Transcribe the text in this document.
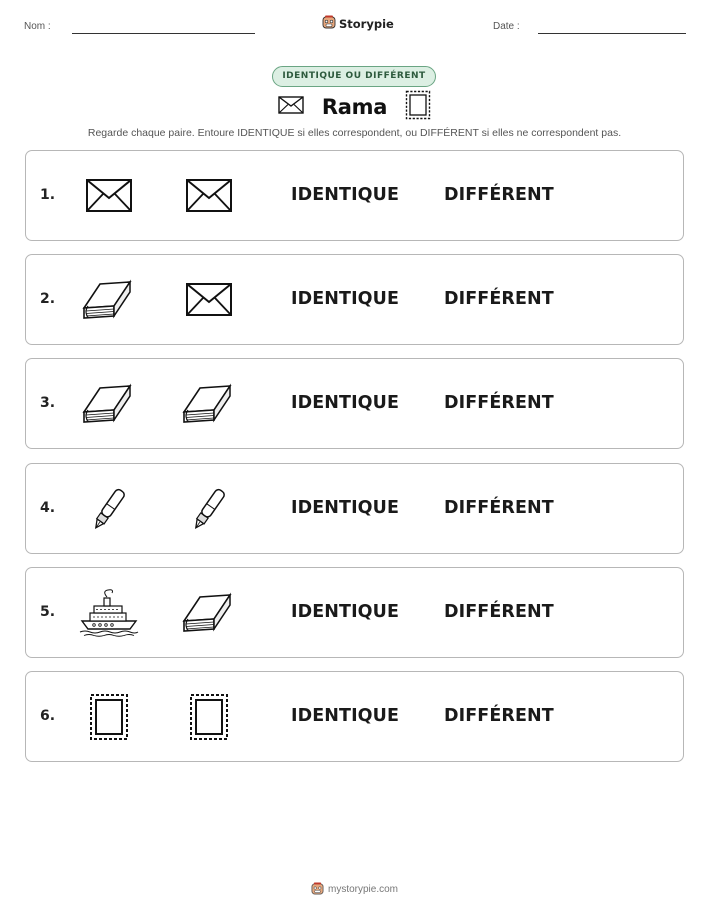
Nom :	Storypie	Date :
IDENTIQUE OU DIFFÉRENT
Rama
Regarde chaque paire. Entoure IDENTIQUE si elles correspondent, ou DIFFÉRENT si elles ne correspondent pas.
1.	IDENTIQUE	DIFFÉRENT
2.	IDENTIQUE	DIFFÉRENT
3.	IDENTIQUE	DIFFÉRENT
4.	IDENTIQUE	DIFFÉRENT
5.	IDENTIQUE	DIFFÉRENT
6.	IDENTIQUE	DIFFÉRENT
mystorypie.com
